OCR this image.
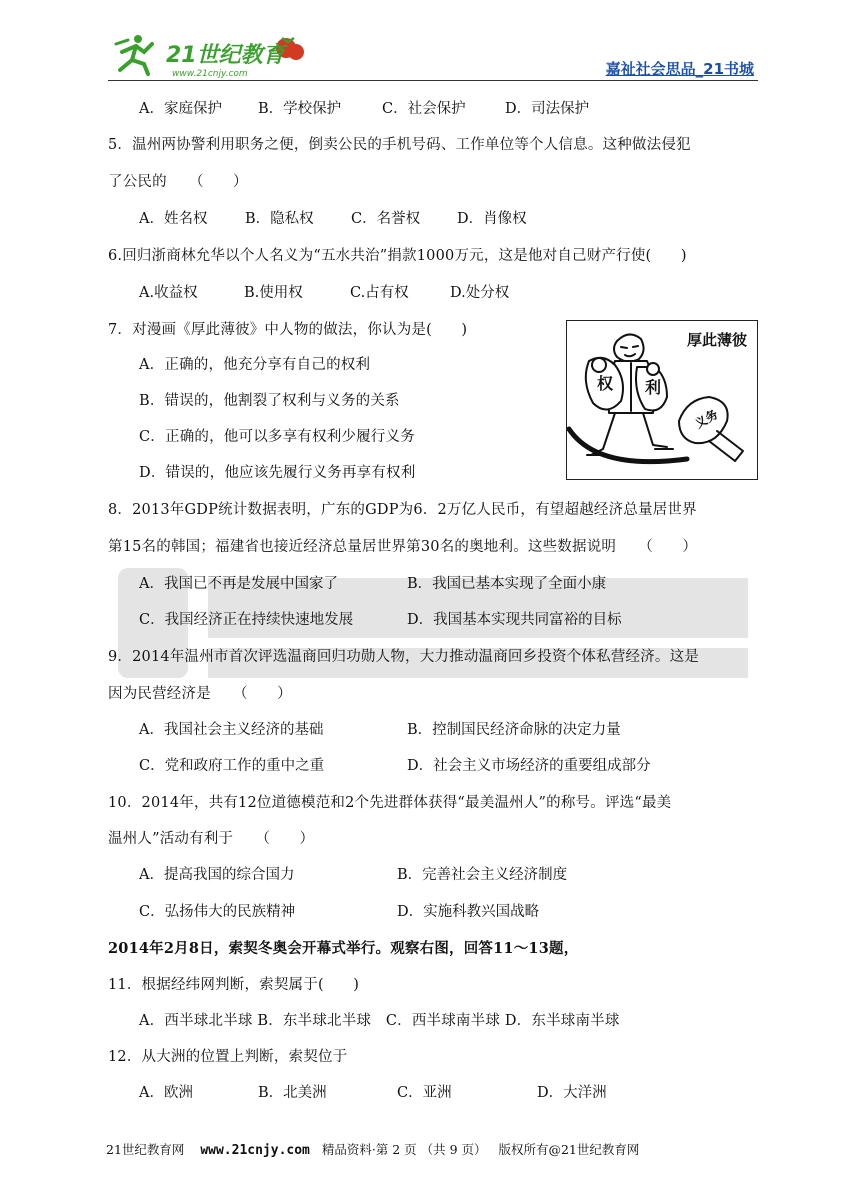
21世纪教育
www.21cnjy.com	嘉祉社会思品_21书城
A．家庭保护 B．学校保护	C．社会保护	D．司法保护
5．温州两协警利用职务之便，倒卖公民的手机号码、工作单位等个人信息。这种做法侵犯
了公民的　　（　　）
A．姓名权	B．隐私权	C．名誉权	D．肖像权
6.回归浙商林允华以个人名义为“五水共治”捐款1000万元，这是他对自己财产行使(　　)
A.收益权	B.使用权	C.占有权	D.处分权
7．对漫画《厚此薄彼》中人物的做法，你认为是(　　)
A．正确的，他充分享有自己的权利
B．错误的，他割裂了权利与义务的关系
C．正确的，他可以多享有权利少履行义务
D．错误的，他应该先履行义务再享有权利
厚此薄彼
权 利
义务
8．2013年GDP统计数据表明，广东的GDP为6．2万亿人民币，有望超越经济总量居世界
第15名的韩国；福建省也接近经济总量居世界第30名的奥地利。这些数据说明　　（　　）
A．我国已不再是发展中国家了	B．我国已基本实现了全面小康
C．我国经济正在持续快速地发展	D．我国基本实现共同富裕的目标
9．2014年温州市首次评选温商回归功勋人物，大力推动温商回乡投资个体私营经济。这是
因为民营经济是　　（　　）
A．我国社会主义经济的基础	B．控制国民经济命脉的决定力量
C．党和政府工作的重中之重	D．社会主义市场经济的重要组成部分
10．2014年，共有12位道德模范和2个先进群体获得“最美温州人”的称号。评选“最美
温州人”活动有利于　　（　　）
A．提高我国的综合国力	B．完善社会主义经济制度
C．弘扬伟大的民族精神	D．实施科教兴国战略
2014年2月8日，索契冬奥会开幕式举行。观察右图，回答11～13题，
11．根据经纬网判断，索契属于(　　)
A．西半球北半球 B．东半球北半球　C．西半球南半球 D．东半球南半球
12．从大洲的位置上判断，索契位于
A．欧洲	B．北美洲	C．亚洲	D．大洋洲
21世纪教育网 www.21cnjy.com 精品资料·第 2 页 （共 9 页） 版权所有@21世纪教育网
